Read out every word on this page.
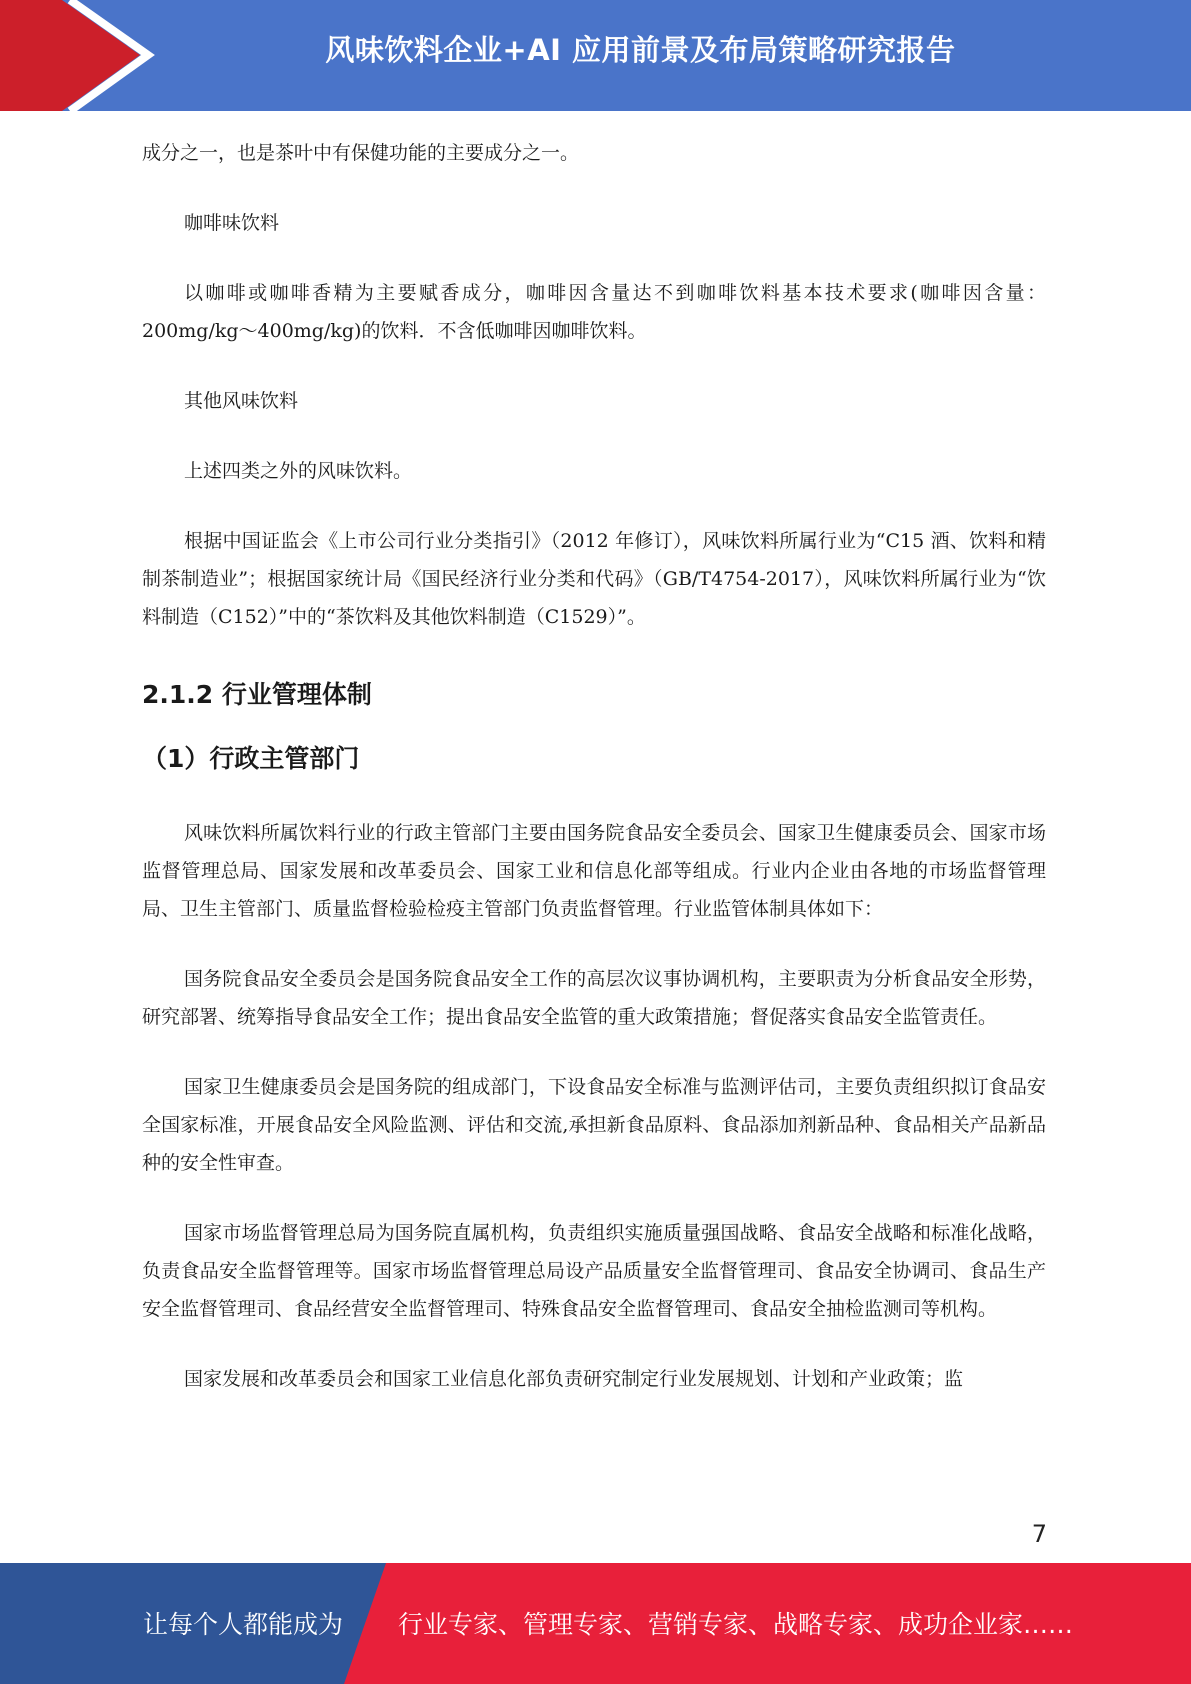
风味饮料企业+AI 应用前景及布局策略研究报告

成分之一，也是茶叶中有保健功能的主要成分之一。

咖啡味饮料

以咖啡或咖啡香精为主要赋香成分，咖啡因含量达不到咖啡饮料基本技术要求(咖啡因含量：200mg/kg～400mg/kg)的饮料．不含低咖啡因咖啡饮料。

其他风味饮料

上述四类之外的风味饮料。

根据中国证监会《上市公司行业分类指引》（2012 年修订），风味饮料所属行业为“C15 酒、饮料和精制茶制造业”；根据国家统计局《国民经济行业分类和代码》（GB/T4754-2017），风味饮料所属行业为“饮料制造（C152）”中的“茶饮料及其他饮料制造（C1529）”。

2.1.2 行业管理体制
（1）行政主管部门

风味饮料所属饮料行业的行政主管部门主要由国务院食品安全委员会、国家卫生健康委员会、国家市场监督管理总局、国家发展和改革委员会、国家工业和信息化部等组成。行业内企业由各地的市场监督管理局、卫生主管部门、质量监督检验检疫主管部门负责监督管理。行业监管体制具体如下：

国务院食品安全委员会是国务院食品安全工作的高层次议事协调机构，主要职责为分析食品安全形势，研究部署、统筹指导食品安全工作；提出食品安全监管的重大政策措施；督促落实食品安全监管责任。

国家卫生健康委员会是国务院的组成部门，下设食品安全标准与监测评估司，主要负责组织拟订食品安全国家标准，开展食品安全风险监测、评估和交流,承担新食品原料、食品添加剂新品种、食品相关产品新品种的安全性审查。

国家市场监督管理总局为国务院直属机构，负责组织实施质量强国战略、食品安全战略和标准化战略，负责食品安全监督管理等。国家市场监督管理总局设产品质量安全监督管理司、食品安全协调司、食品生产安全监督管理司、食品经营安全监督管理司、特殊食品安全监督管理司、食品安全抽检监测司等机构。

国家发展和改革委员会和国家工业信息化部负责研究制定行业发展规划、计划和产业政策；监

7
让每个人都能成为 行业专家、管理专家、营销专家、战略专家、成功企业家……
